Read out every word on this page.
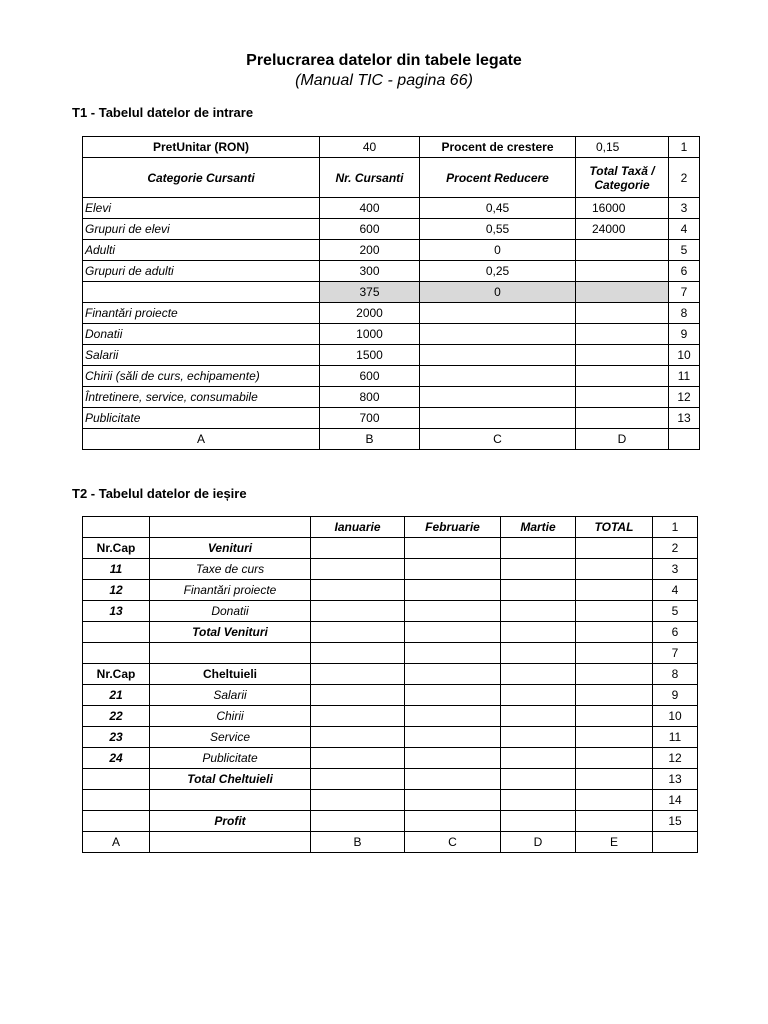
Prelucrarea datelor din tabele legate
(Manual TIC - pagina 66)
T1 - Tabelul datelor de intrare
PretUnitar (RON)	40	Procent de crestere	0,15	1
Categorie Cursanti	Nr. Cursanti	Procent Reducere	Total Taxă / Categorie	2
Elevi	400	0,45	16000	3
Grupuri de elevi	600	0,55	24000	4
Adulti	200	0		5
Grupuri de adulti	300	0,25		6
	375	0		7
Finantări proiecte	2000			8
Donatii	1000			9
Salarii	1500			10
Chirii (săli de curs, echipamente)	600			11
Întretinere, service, consumabile	800			12
Publicitate	700			13
A	B	C	D	
T2 - Tabelul datelor de ieșire
		Ianuarie	Februarie	Martie	TOTAL	1
Nr.Cap	Venituri					2
11	Taxe de curs					3
12	Finantări proiecte					4
13	Donatii					5
	Total Venituri					6
						7
Nr.Cap	Cheltuieli					8
21	Salarii					9
22	Chirii					10
23	Service					11
24	Publicitate					12
	Total Cheltuieli					13
						14
	Profit					15
A		B	C	D	E	
